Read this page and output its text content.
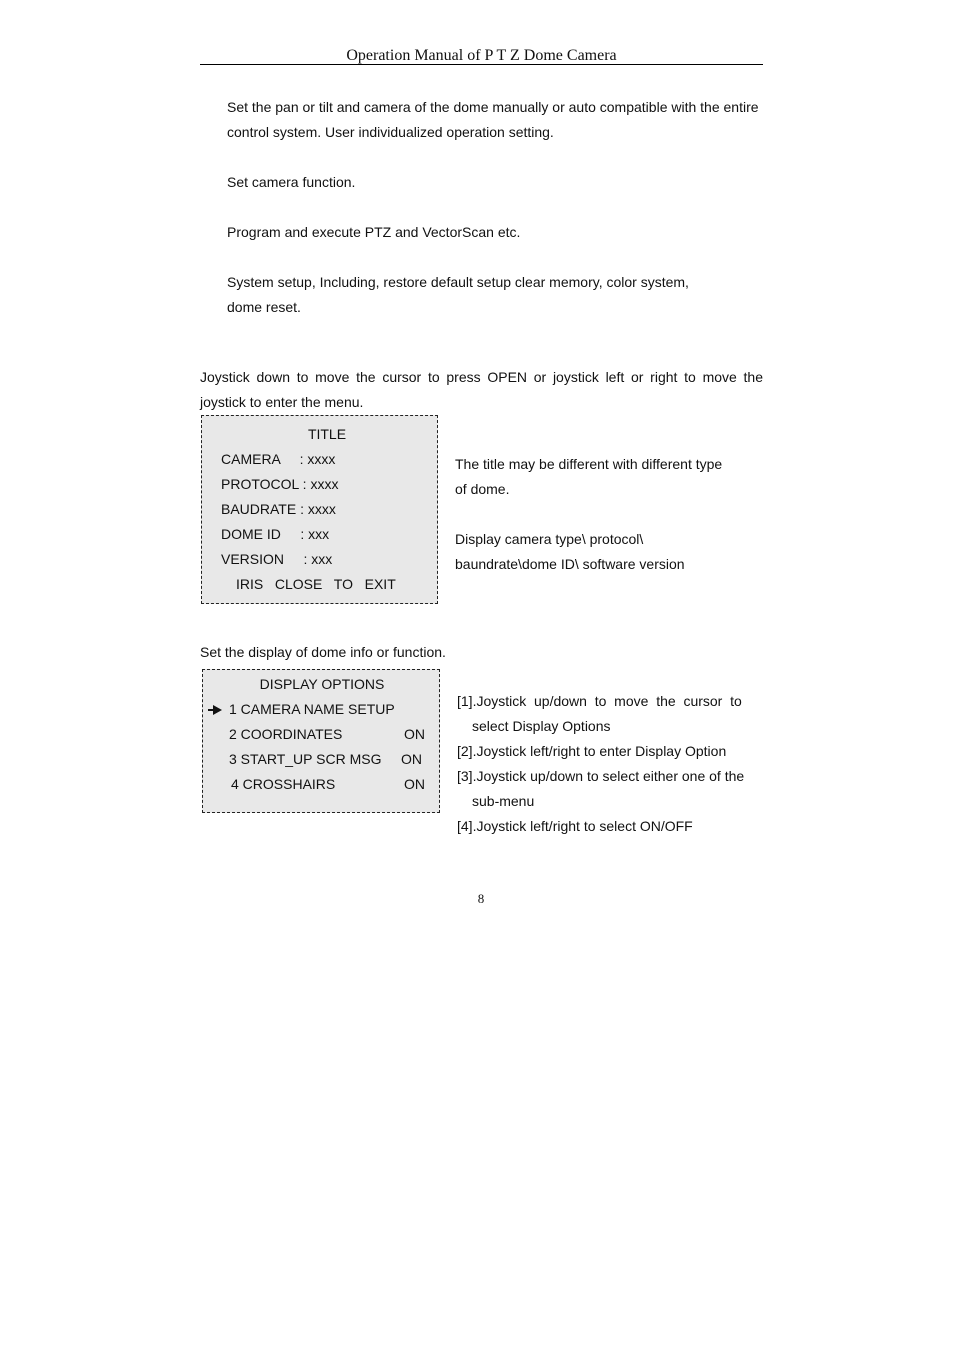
Operation Manual of P T Z Dome Camera
Set the pan or tilt and camera of the dome manually or auto compatible with the entire
control system. User individualized operation setting.
Set camera function.
Program and execute PTZ and VectorScan etc.
System setup, Including, restore default setup clear memory, color system,
dome reset.
Joystick down to move the cursor to press OPEN or joystick left or right to move the
joystick to enter the menu.
TITLE
CAMERA     : xxxx
PROTOCOL : xxxx
BAUDRATE : xxxx
DOME ID     : xxx
VERSION     : xxx
IRIS   CLOSE   TO   EXIT
The title may be different with different type
of dome.
Display camera type\ protocol\
baundrate\dome ID\ software version
Set the display of dome info or function.
DISPLAY OPTIONS
1 CAMERA NAME SETUP
2 COORDINATES	ON
3 START_UP SCR MSG ON
4 CROSSHAIRS	ON
[1].Joystick  up/down  to  move  the  cursor  to
select Display Options
[2].Joystick left/right to enter Display Option
[3].Joystick up/down to select either one of the
sub-menu
[4].Joystick left/right to select ON/OFF
8
